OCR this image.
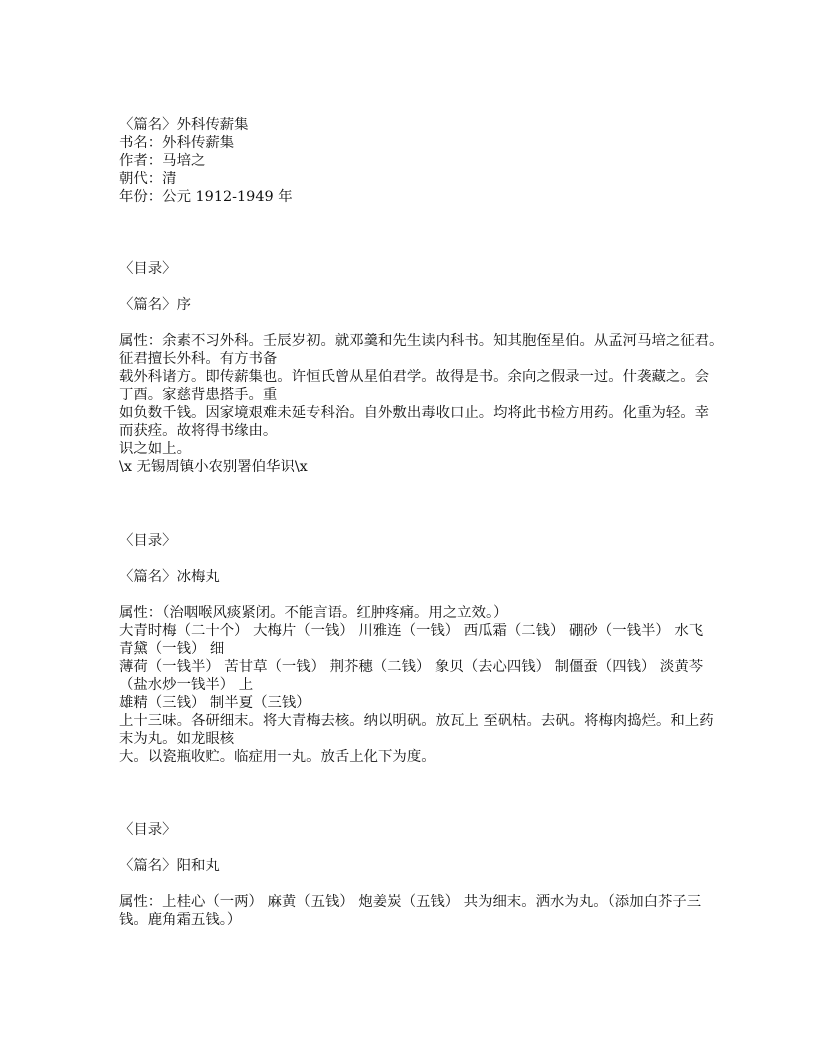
〈篇名〉外科传薪集
书名：外科传薪集
作者：马培之
朝代：清
年份：公元 1912-1949 年
〈目录〉
〈篇名〉序
属性：余素不习外科。壬辰岁初。就邓羹和先生读内科书。知其胞侄星伯。从孟河马培之征君。
征君擅长外科。有方书备
载外科诸方。即传薪集也。许恒氏曾从星伯君学。故得是书。余向之假录一过。什袭藏之。会
丁酉。家慈背患搭手。重
如负数千钱。因家境艰难未延专科治。自外敷出毒收口止。均将此书检方用药。化重为轻。幸
而获痊。故将得书缘由。
识之如上。
\x 无锡周镇小农别署伯华识\x
〈目录〉
〈篇名〉冰梅丸
属性：（治咽喉风痰紧闭。不能言语。红肿疼痛。用之立效。）
大青时梅（二十个） 大梅片（一钱） 川雅连（一钱） 西瓜霜（二钱） 硼砂（一钱半） 水飞
青黛（一钱） 细
薄荷（一钱半） 苦甘草（一钱） 荆芥穗（二钱） 象贝（去心四钱） 制僵蚕（四钱） 淡黄芩
（盐水炒一钱半） 上
雄精（三钱） 制半夏（三钱）
上十三味。各研细末。将大青梅去核。纳以明矾。放瓦上 至矾枯。去矾。将梅肉捣烂。和上药
末为丸。如龙眼核
大。以瓷瓶收贮。临症用一丸。放舌上化下为度。
〈目录〉
〈篇名〉阳和丸
属性：上桂心（一两） 麻黄（五钱） 炮姜炭（五钱） 共为细末。洒水为丸。（添加白芥子三
钱。鹿角霜五钱。）
